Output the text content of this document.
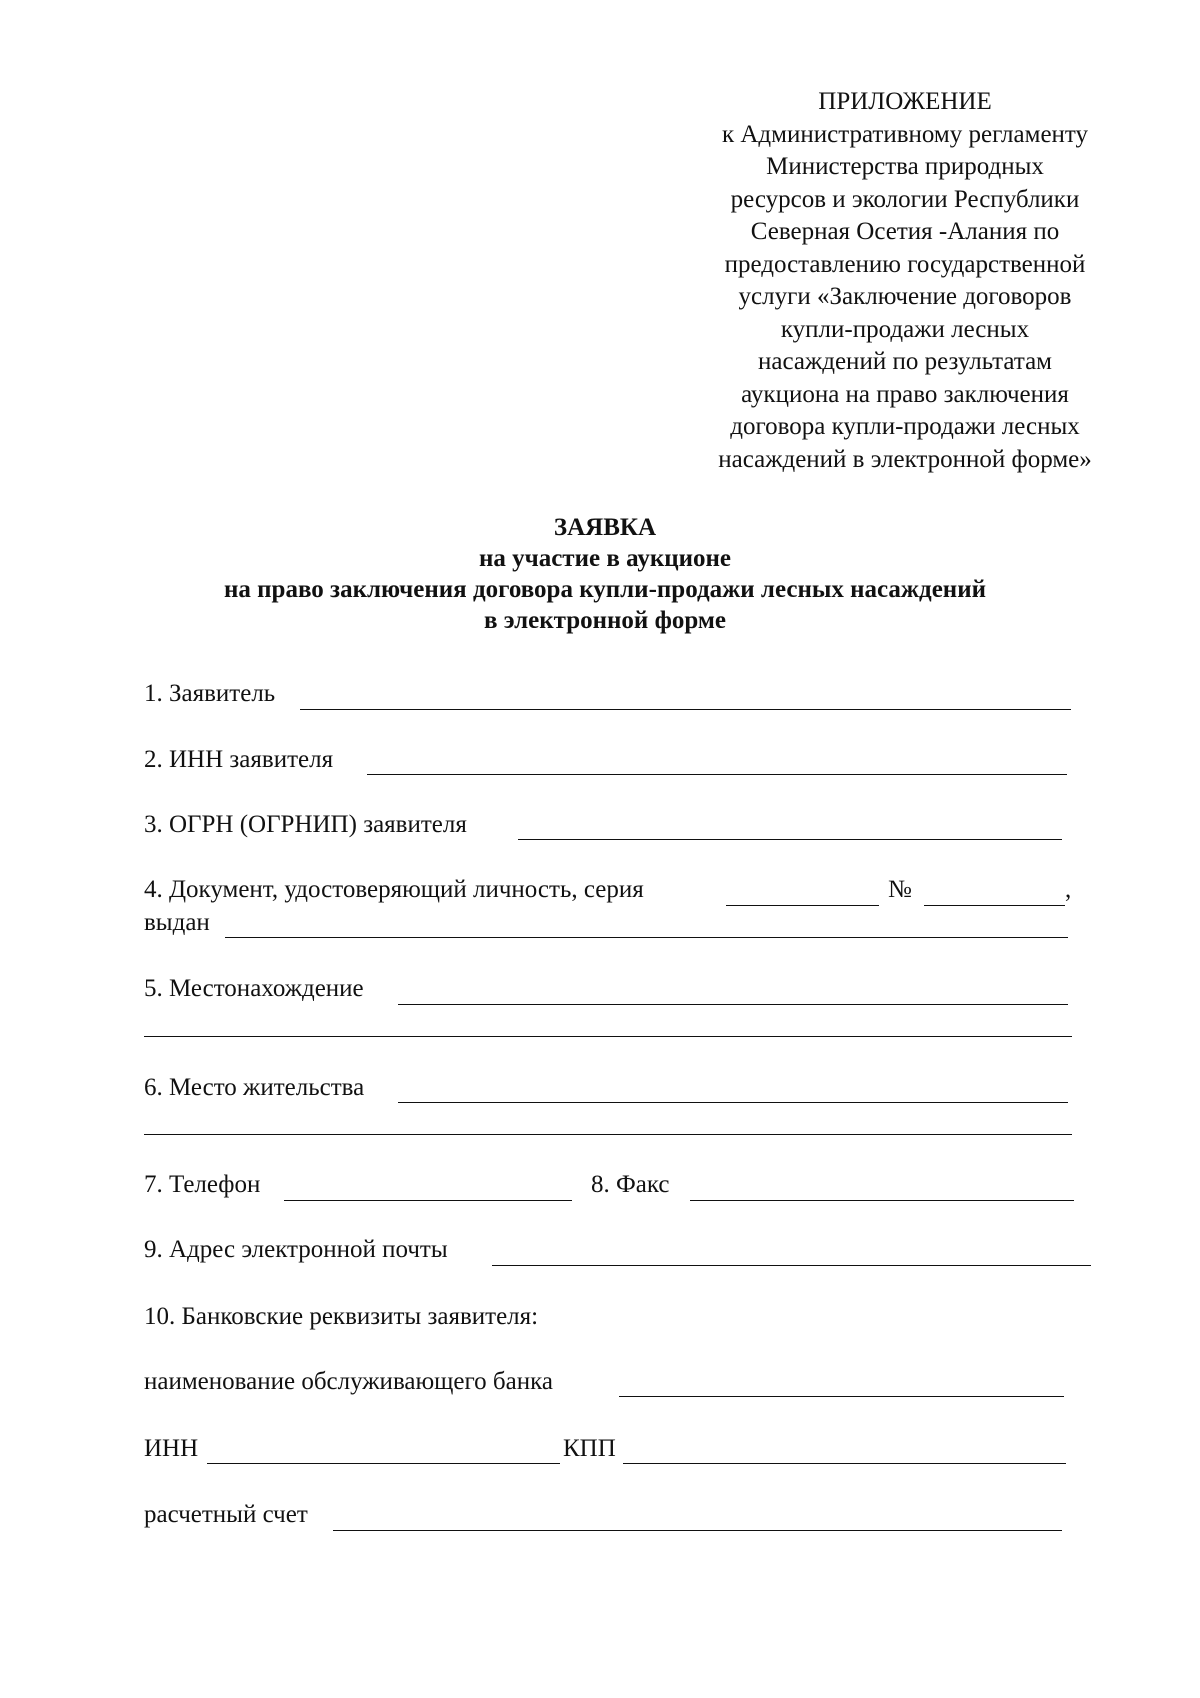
ПРИЛОЖЕНИЕ
к Административному регламенту
Министерства природных
ресурсов и экологии Республики
Северная Осетия -Алания по
предоставлению государственной
услуги «Заключение договоров
купли-продажи лесных
насаждений по результатам
аукциона на право заключения
договора купли-продажи лесных
насаждений в электронной форме»
ЗАЯВКА
на участие в аукционе
на право заключения договора купли-продажи лесных насаждений
в электронной форме
1. Заявитель
2. ИНН заявителя
3. ОГРН (ОГРНИП) заявителя
4. Документ, удостоверяющий личность, серия	№	,
выдан
5. Местонахождение
6. Место жительства
7. Телефон	8. Факс
9. Адрес электронной почты
10. Банковские реквизиты заявителя:
наименование обслуживающего банка
ИНН	КПП
расчетный счет
